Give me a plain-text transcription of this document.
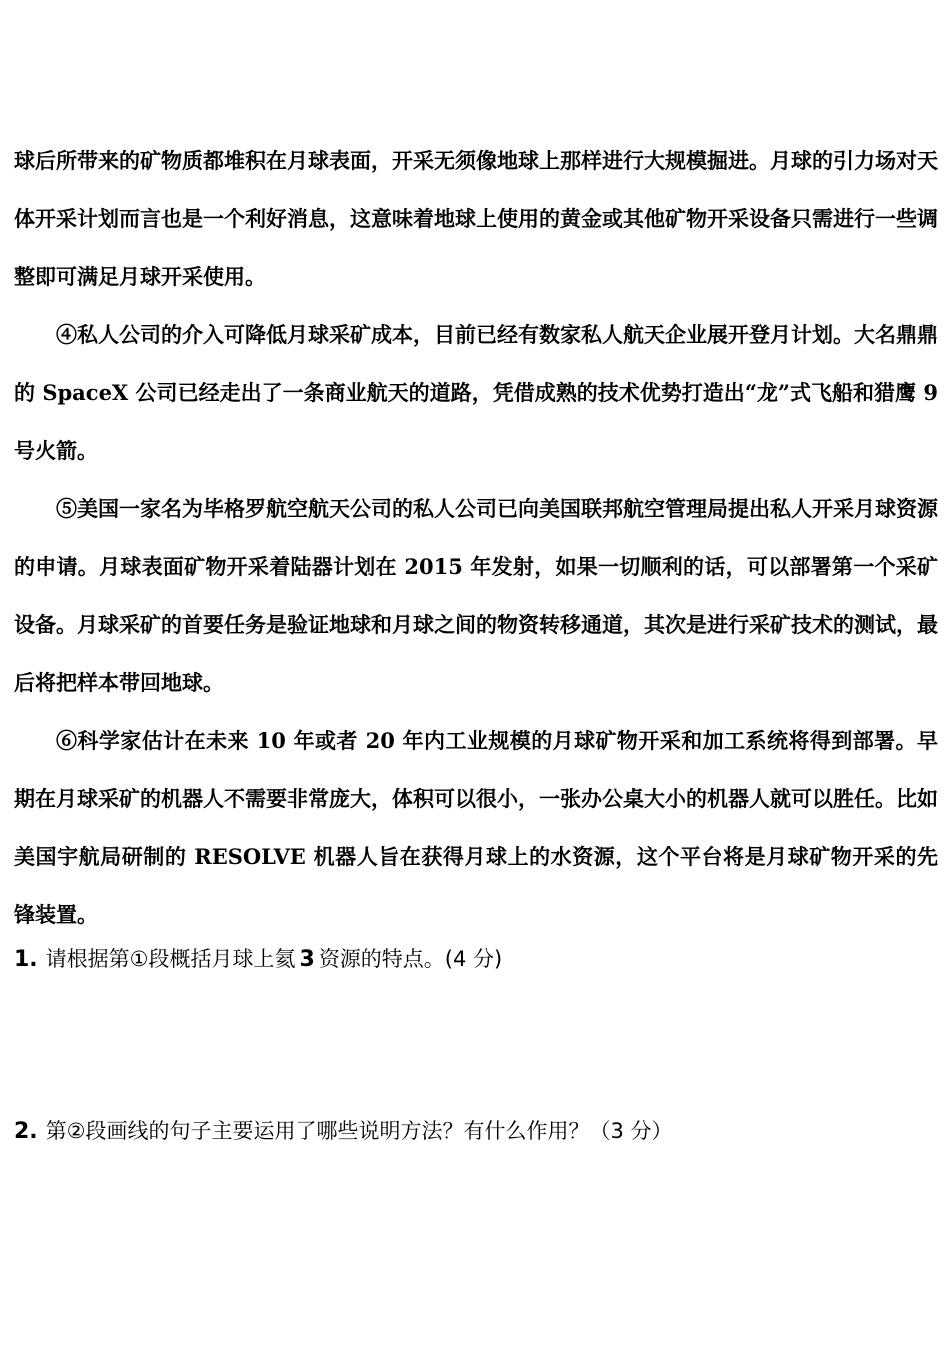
球后所带来的矿物质都堆积在月球表面，开采无须像地球上那样进行大规模掘进。月球的引力场对天体开采计划而言也是一个利好消息，这意味着地球上使用的黄金或其他矿物开采设备只需进行一些调整即可满足月球开采使用。

④私人公司的介入可降低月球采矿成本，目前已经有数家私人航天企业展开登月计划。大名鼎鼎的 SpaceX 公司已经走出了一条商业航天的道路，凭借成熟的技术优势打造出“龙”式飞船和猎鹰 9 号火箭。

⑤美国一家名为毕格罗航空航天公司的私人公司已向美国联邦航空管理局提出私人开采月球资源的申请。月球表面矿物开采着陆器计划在 2015 年发射，如果一切顺利的话，可以部署第一个采矿设备。月球采矿的首要任务是验证地球和月球之间的物资转移通道，其次是进行采矿技术的测试，最后将把样本带回地球。

⑥科学家估计在未来 10 年或者 20 年内工业规模的月球矿物开采和加工系统将得到部署。早期在月球采矿的机器人不需要非常庞大，体积可以很小，一张办公桌大小的机器人就可以胜任。比如美国宇航局研制的 RESOLVE 机器人旨在获得月球上的水资源，这个平台将是月球矿物开采的先锋装置。

1. 请根据第①段概括月球上氦 3 资源的特点。(4 分)
2. 第②段画线的句子主要运用了哪些说明方法？有什么作用？（3 分）
